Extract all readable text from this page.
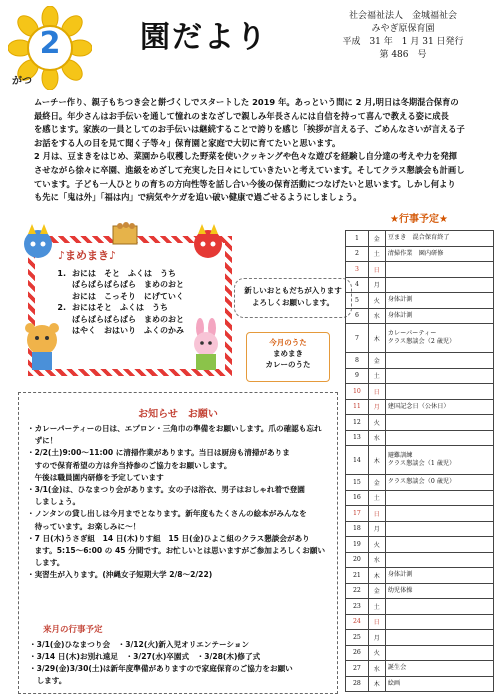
2
がつ
園だより
社会福祉法人　金城福祉会
みやぎ原保育園
平成　31 年　1 月 31 日発行
第 486　号

ムーチー作り、親子もちつき会と餅づくしでスタートした 2019 年。あっという間に 2 月,明日は冬期混合保育の

最終日。年少さんはお手伝いを通して憧れのまなざしで親しみ年長さんには自信を持って喜んで教える姿に成長

を感じます。家族の一員としてのお手伝いは継続することで誇りを感じ「挨拶が言える子、ごめんなさいが言える子

お話をする人の目を見て聞く子等々」保育園と家庭で大切に育てたいと思います。

2 月は、豆まきをはじめ、菜園から収穫した野菜を使いクッキングや色々な遊びを経験し自分達の考えや力を発揮

させながら徐々に卒園、進級をめざして充実した日々にしていきたいと考えています。そしてクラス懇談会も計画し

ています。子ども一人ひとりの育ちの方向性等を話し合い今後の保育活動につなげたいと思います。しかし何より

も先に「鬼は外」「福は内」で病気やケガを追い破い健康で過ごせるようにしましょう。

♪まめまき♪
1. おには　そと　ふくは　うち
ぱらぱらぱらぱら　まめのおと
おには　こっそり　にげていく
2. おにはそと　ふくは　うち
ぱらぱらぱらぱら　まめのおと
はやく　おはいり　ふくのかみ
新しいおともだちが入ります
よろしくお願いします。
今月のうた
まめまき
カレーのうた
★行事予定★
1	金	豆まき　混合保育終了

2	土	清掃作業　園内研修

3	日	

4	月	

5	火	身体計測

6	水	身体計測

7	木	カレーパーティー
クラス懇談会（2 歳児）

8	金	

9	土	

10	日	

11	月	建国記念日（公休日）

12	火	

13	水	

14	木	避難訓練
クラス懇談会（1 歳児）

15	金	クラス懇談会（0 歳児）

16	土	

17	日	

18	月	

19	火	

20	水	

21	木	身体計測

22	金	幼児体操

23	土	

24	日	

25	月	

26	火	

27	水	誕生会

28	木	絵画
お知らせ　お願い
・カレーパーティーの日は、エプロン・三角巾の準備をお願いします。爪の確認も忘れ
　ずに！
・2/2(土)9:00〜11:00 に清掃作業があります。当日は厨房も清掃がありま
　すので保育希望の方は弁当持参のご協力をお願いします。
　午後は職員園内研修を予定しています
・3/1(金)は、ひなまつり会があります。女の子は浴衣、男子はおしゃれ着で登園
　しましょう。
・ノンタンの貸し出しは今月までとなります。新年度もたくさんの絵本がみんなを
　待っています。お楽しみに～！
・7 日(木)うさぎ組　14 日(木)りす組　15 日(金)ひよこ組のクラス懇談会があり
　ます。5:15〜6:00 の 45 分間です。お忙しいとは思いますがご参加よろしくお願い
　します。
・実習生が入ります。(沖縄女子短期大学 2/8〜2/22)
来月の行事予定
・3/1(金)ひなまつり会　・3/12(火)新入児オリエンテーション
・3/14 日(木)お別れ遠足　・3/27(水)卒園式　・3/28(木)修了式
・3/29(金)3/30(土)は新年度準備がありますので家庭保育のご協力をお願い
　します。
